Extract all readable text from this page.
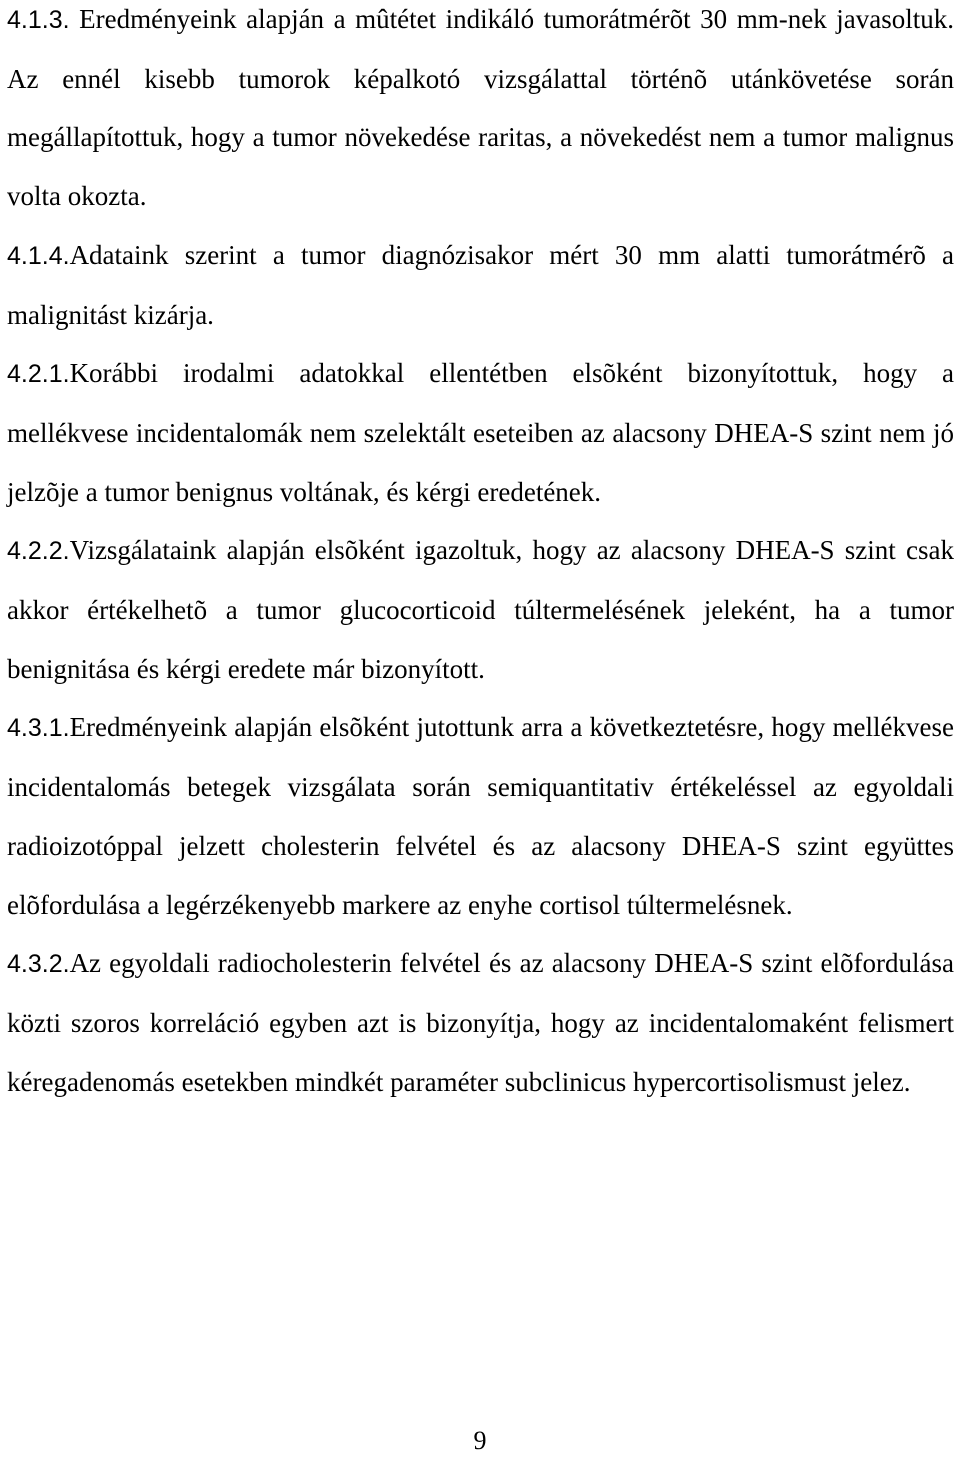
4.1.3. Eredményeink alapján a mûtétet indikáló tumorátmérõt 30 mm-nek javasoltuk. Az ennél kisebb tumorok képalkotó vizsgálattal történõ utánkövetése során megállapítottuk, hogy a tumor növekedése raritas, a növekedést nem a tumor malignus volta okozta.

4.1.4.Adataink szerint a tumor diagnózisakor mért 30 mm alatti tumorátmérõ a malignitást kizárja.

4.2.1.Korábbi irodalmi adatokkal ellentétben elsõként bizonyítottuk, hogy a mellékvese incidentalomák nem szelektált eseteiben az alacsony DHEA-S szint nem jó jelzõje a tumor benignus voltának, és kérgi eredetének.

4.2.2.Vizsgálataink alapján elsõként igazoltuk, hogy az alacsony DHEA-S szint csak akkor értékelhetõ a tumor glucocorticoid túltermelésének jeleként, ha a tumor benignitása és kérgi eredete már bizonyított.

4.3.1.Eredményeink alapján elsõként jutottunk arra a következtetésre, hogy mellékvese incidentalomás betegek vizsgálata során semiquantitativ értékeléssel az egyoldali radioizotóppal jelzett cholesterin felvétel és az alacsony DHEA-S szint együttes elõfordulása a legérzékenyebb markere az enyhe cortisol túltermelésnek.

4.3.2.Az egyoldali radiocholesterin felvétel és az alacsony DHEA-S szint elõfordulása közti szoros korreláció egyben azt is bizonyítja, hogy az incidentalomaként felismert kéregadenomás esetekben mindkét paraméter subclinicus hypercortisolismust jelez.

9
